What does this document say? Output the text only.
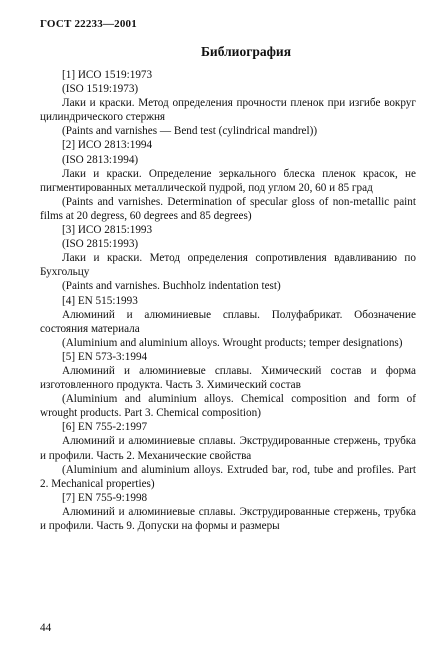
ГОСТ 22233—2001
Библиография

[1] ИСО 1519:1973

(ISO 1519:1973)

Лаки и краски. Метод определения прочности пленок при изгибе вокруг цилиндрического стержня

(Paints and varnishes — Bend test (cylindrical mandrel))

[2] ИСО 2813:1994

(ISO 2813:1994)

Лаки и краски. Определение зеркального блеска пленок красок, не пигментированных металлической пудрой, под углом 20, 60 и 85 град

(Paints and varnishes. Determination of specular gloss of non-metallic paint films at 20 degress, 60 degrees and 85 degrees)

[3] ИСО 2815:1993

(ISO 2815:1993)

Лаки и краски. Метод определения сопротивления вдавливанию по Бухгольцу

(Paints and varnishes. Buchholz indentation test)

[4] EN 515:1993

Алюминий и алюминиевые сплавы. Полуфабрикат. Обозначение состояния материала

(Aluminium and aluminium alloys. Wrought products; temper designations)

[5] EN 573-3:1994

Алюминий и алюминиевые сплавы. Химический состав и форма изготовленного продукта. Часть 3. Химический состав

(Aluminium and aluminium alloys. Chemical composition and form of wrought products. Part 3. Chemical composition)

[6] EN 755-2:1997

Алюминий и алюминиевые сплавы. Экструдированные стержень, трубка и профили. Часть 2. Механические свойства

(Aluminium and aluminium alloys. Extruded bar, rod, tube and profiles. Part 2. Mechanical properties)

[7] EN 755-9:1998

Алюминий и алюминиевые сплавы. Экструдированные стержень, трубка и профили. Часть 9. Допуски на формы и размеры

44
